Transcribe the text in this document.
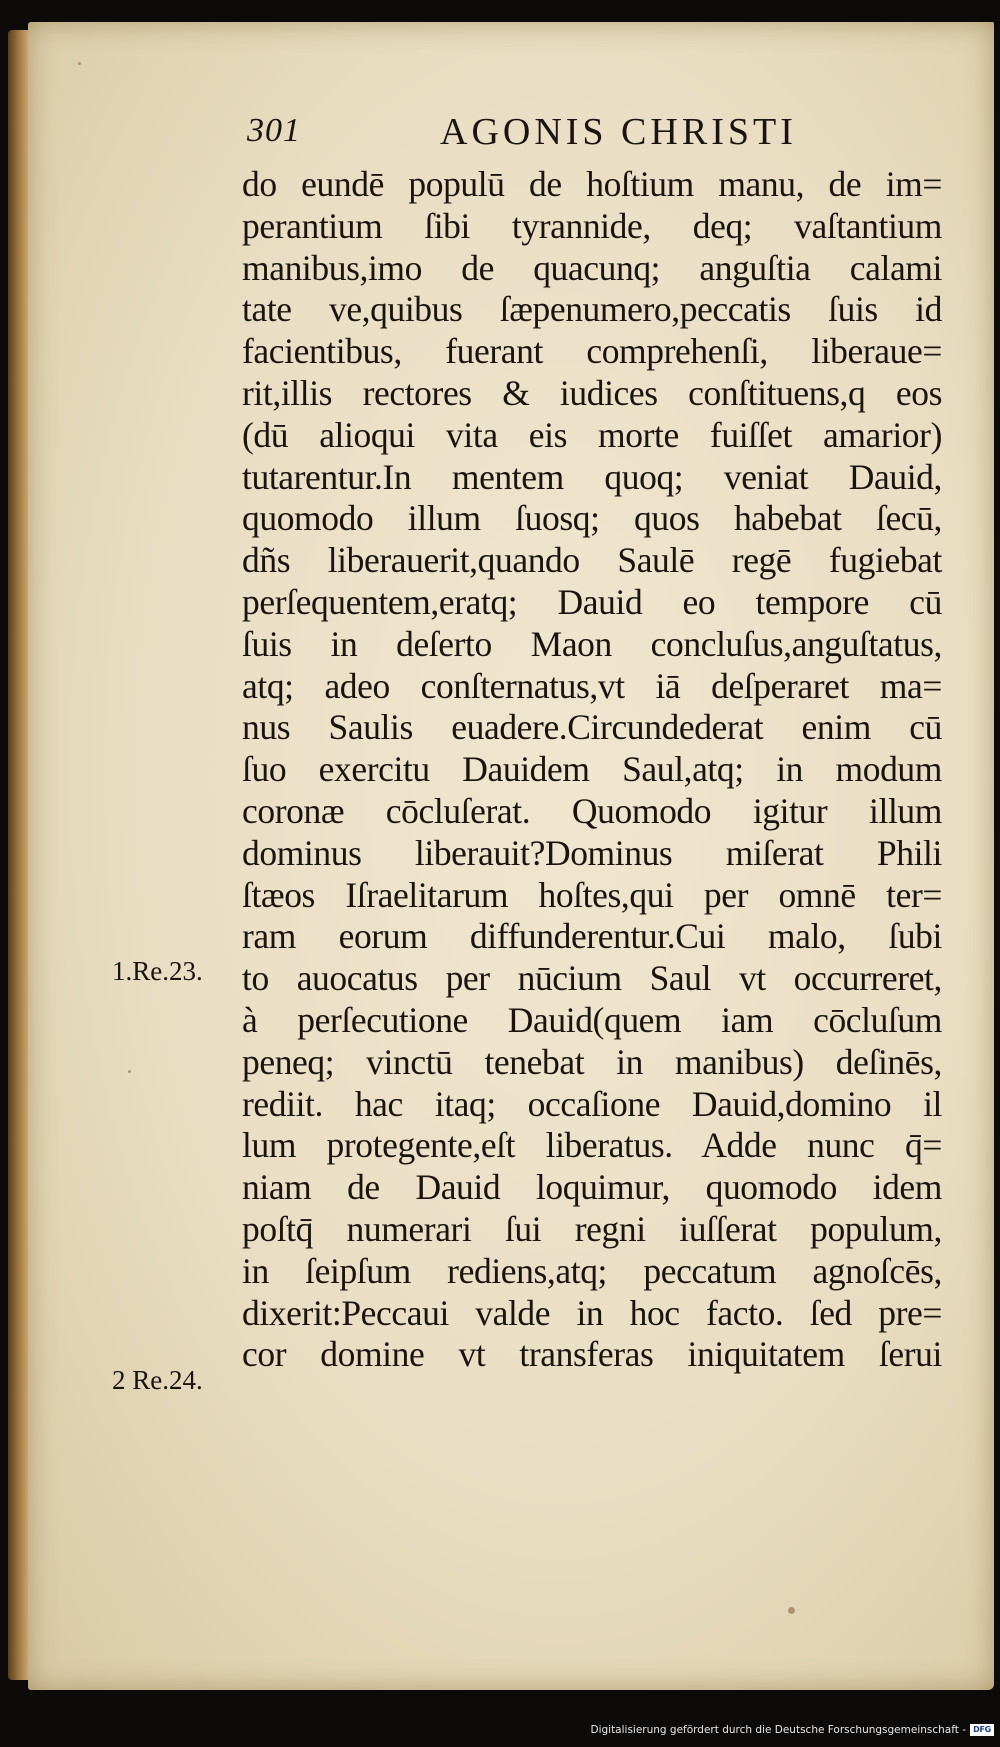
301	AGONIS CHRISTI
do eundē populū de hoſtium manu, de im=
perantium ſibi tyrannide, deq; vaſtantium
manibus,imo de quacunq; anguſtia calami
tate ve,quibus ſæpenumero,peccatis ſuis id
facientibus, fuerant comprehenſi, liberaue=
rit,illis rectores & iudices conſtituens,q eos
(dū alioqui vita eis morte fuiſſet amarior)
tutarentur.In mentem quoq; veniat Dauid,
quomodo illum ſuosq; quos habebat ſecū,
dñs liberauerit,quando Saulē regē fugiebat
perſequentem,eratq; Dauid eo tempore cū
ſuis in deſerto Maon concluſus,anguſtatus,
atq; adeo conſternatus,vt iā deſperaret ma=
nus Saulis euadere.Circundederat enim cū
ſuo exercitu Dauidem Saul,atq; in modum
coronæ cōcluſerat. Quomodo igitur illum
dominus liberauit?Dominus miſerat Phili
ſtæos Iſraelitarum hoſtes,qui per omnē ter=
ram eorum diffunderentur.Cui malo, ſubi
to auocatus per nūcium Saul vt occurreret,
à perſecutione Dauid(quem iam cōcluſum
peneq; vinctū tenebat in manibus) deſinēs,
rediit. hac itaq; occaſione Dauid,domino il
lum protegente,eſt liberatus. Adde nunc q̄=
niam de Dauid loquimur, quomodo idem
poſtq̄ numerari ſui regni iuſſerat populum,
in ſeipſum rediens,atq; peccatum agnoſcēs,
dixerit:Peccaui valde in hoc facto. ſed pre=
cor domine vt transferas iniquitatem ſerui
1.Re.23.
2 Re.24.
Digitalisierung gefördert durch die Deutsche Forschungsgemeinschaft - DFG
